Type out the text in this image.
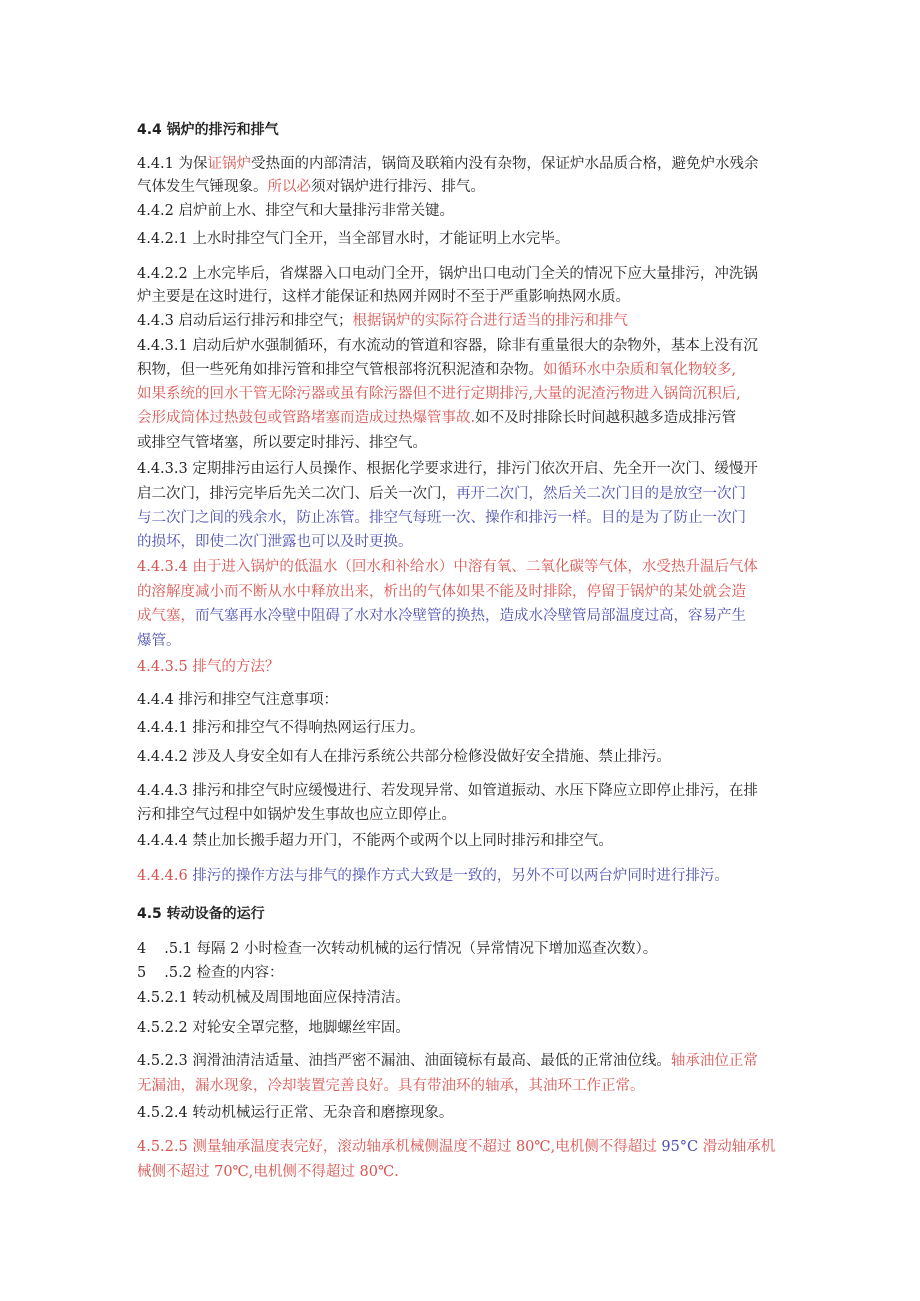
4.4 锅炉的排污和排气
4.4.1 为保证锅炉受热面的内部清洁，锅筒及联箱内没有杂物，保证炉水品质合格，避免炉水残余
气体发生气锤现象。所以必须对锅炉进行排污、排气。
4.4.2 启炉前上水、排空气和大量排污非常关键。
4.4.2.1 上水时排空气门全开，当全部冒水时，才能证明上水完毕。
4.4.2.2 上水完毕后，省煤器入口电动门全开，锅炉出口电动门全关的情况下应大量排污，冲洗锅
炉主要是在这时进行，这样才能保证和热网并网时不至于严重影响热网水质。
4.4.3 启动后运行排污和排空气；根据锅炉的实际符合进行适当的排污和排气
4.4.3.1 启动后炉水强制循环，有水流动的管道和容器，除非有重量很大的杂物外，基本上没有沉
积物，但一些死角如排污管和排空气管根部将沉积泥渣和杂物。如循环水中杂质和氧化物较多,
如果系统的回水干管无除污器或虽有除污器但不进行定期排污,大量的泥渣污物进入锅筒沉积后,
会形成筒体过热鼓包或管路堵塞而造成过热爆管事故.如不及时排除长时间越积越多造成排污管
或排空气管堵塞，所以要定时排污、排空气。
4.4.3.3 定期排污由运行人员操作、根据化学要求进行，排污门依次开启、先全开一次门、缓慢开
启二次门，排污完毕后先关二次门、后关一次门，再开二次门，然后关二次门目的是放空一次门
与二次门之间的残余水，防止冻管。排空气每班一次、操作和排污一样。目的是为了防止一次门
的损坏，即使二次门泄露也可以及时更换。
4.4.3.4 由于进入锅炉的低温水（回水和补给水）中溶有氧、二氧化碳等气体，水受热升温后气体
的溶解度减小而不断从水中释放出来，析出的气体如果不能及时排除，停留于锅炉的某处就会造
成气塞，而气塞再水冷壁中阻碍了水对水冷壁管的换热，造成水冷壁管局部温度过高，容易产生
爆管。
4.4.3.5 排气的方法？
4.4.4 排污和排空气注意事项：
4.4.4.1 排污和排空气不得响热网运行压力。
4.4.4.2 涉及人身安全如有人在排污系统公共部分检修没做好安全措施、禁止排污。
4.4.4.3 排污和排空气时应缓慢进行、若发现异常、如管道振动、水压下降应立即停止排污，在排
污和排空气过程中如锅炉发生事故也应立即停止。
4.4.4.4 禁止加长搬手超力开门，不能两个或两个以上同时排污和排空气。
4.4.4.6 排污的操作方法与排气的操作方式大致是一致的，另外不可以两台炉同时进行排污。
4.5 转动设备的运行
4 .5.1 每隔 2 小时检查一次转动机械的运行情况（异常情况下增加巡查次数）。
5 .5.2 检查的内容：
4.5.2.1 转动机械及周围地面应保持清洁。
4.5.2.2 对轮安全罩完整，地脚螺丝牢固。
4.5.2.3 润滑油清洁适量、油挡严密不漏油、油面镜标有最高、最低的正常油位线。轴承油位正常
无漏油，漏水现象，冷却装置完善良好。具有带油环的轴承，其油环工作正常。
4.5.2.4 转动机械运行正常、无杂音和磨擦现象。
4.5.2.5 测量轴承温度表完好，滚动轴承机械侧温度不超过 80℃,电机侧不得超过 95°C 滑动轴承机
械侧不超过 70℃,电机侧不得超过 80℃.
